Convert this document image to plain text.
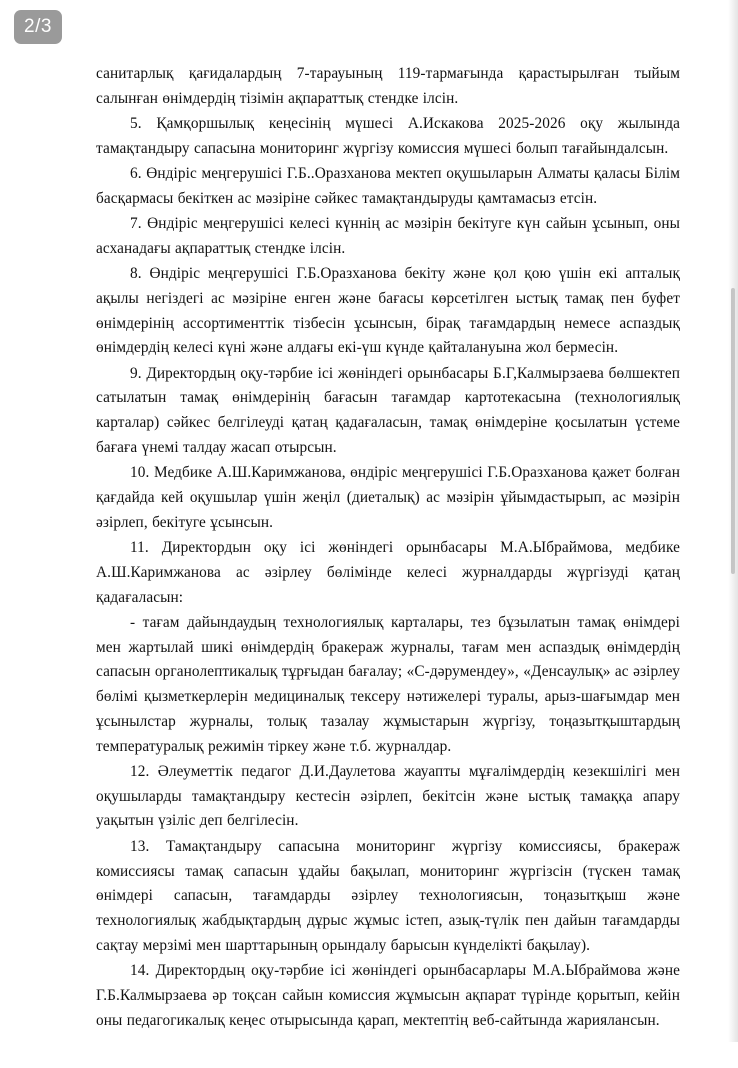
2/3

санитарлық қағидалардың 7-тарауының 119-тармағында қарастырылған тыйым салынған өнімдердің тізімін ақпараттық стендке ілсін.

5. Қамқоршылық кеңесінің мүшесі А.Искакова 2025-2026 оқу жылында тамақтандыру сапасына мониторинг жүргізу комиссия мүшесі болып тағайындалсын.

6. Өндіріс меңгерушісі Г.Б..Оразханова мектеп оқушыларын Алматы қаласы Білім басқармасы бекіткен ас мәзіріне сәйкес тамақтандыруды қамтамасыз етсін.

7. Өндіріс меңгерушісі келесі күннің ас мәзірін бекітуге күн сайын ұсынып, оны асханадағы ақпараттық стендке ілсін.

8. Өндіріс меңгерушісі Г.Б.Оразханова бекіту және қол қою үшін екі апталық ақылы негіздегі ас мәзіріне енген және бағасы көрсетілген ыстық тамақ пен буфет өнімдерінің ассортименттік тізбесін ұсынсын, бірақ тағамдардың немесе аспаздық өнімдердің келесі күні және алдағы екі-үш күнде қайталануына жол бермесін.

9. Директордың оқу-тәрбие ісі жөніндегі орынбасары Б.Г,Калмырзаева бөлшектеп сатылатын тамақ өнімдерінің бағасын тағамдар картотекасына (технологиялық карталар) сәйкес белгілеуді қатаң қадағаласын, тамақ өнімдеріне қосылатын үстеме бағаға үнемі талдау жасап отырсын.

10. Медбике А.Ш.Каримжанова, өндіріс меңгерушісі Г.Б.Оразханова қажет болған қағдайда кей оқушылар үшін жеңіл (диеталық) ас мәзірін ұйымдастырып, ас мәзірін әзірлеп, бекітуге ұсынсын.

11. Директордын оқу ісі жөніндегі орынбасары М.А.Ыбраймова, медбике А.Ш.Каримжанова ас әзірлеу бөлімінде келесі журналдарды жүргізуді қатаң қадағаласын:

- тағам дайындаудың технологиялық карталары, тез бұзылатын тамақ өнімдері мен жартылай шикі өнімдердің бракераж журналы, тағам мен аспаздық өнімдердің сапасын органолептикалық тұрғыдан бағалау; «С-дәрумендеу», «Денсаулық» ас әзірлеу бөлімі қызметкерлерін медициналық тексеру нәтижелері туралы, арыз-шағымдар мен ұсынылстар журналы, толық тазалау жұмыстарын жүргізу, тоңазытқыштардың температуралық режимін тіркеу және т.б. журналдар.

12. Әлеуметтік педагог Д.И.Даулетова жауапты мұғалімдердің кезекшілігі мен оқушыларды тамақтандыру кестесін әзірлеп, бекітсін және ыстық тамаққа апару уақытын үзіліс деп белгілесін.

13. Тамақтандыру сапасына мониторинг жүргізу комиссиясы, бракераж комиссиясы тамақ сапасын ұдайы бақылап, мониторинг жүргізсін (түскен тамақ өнімдері сапасын, тағамдарды әзірлеу технологиясын, тоңазытқыш және технологиялық жабдықтардың дұрыс жұмыс істеп, азық-түлік пен дайын тағамдарды сақтау мерзімі мен шарттарының орындалу барысын күнделікті бақылау).

14. Директордың оқу-тәрбие ісі жөніндегі орынбасарлары М.А.Ыбраймова және Г.Б.Калмырзаева әр тоқсан сайын комиссия жұмысын ақпарат түрінде қорытып, кейін оны педагогикалық кеңес отырысында қарап, мектептің веб-сайтында жариялансын.
